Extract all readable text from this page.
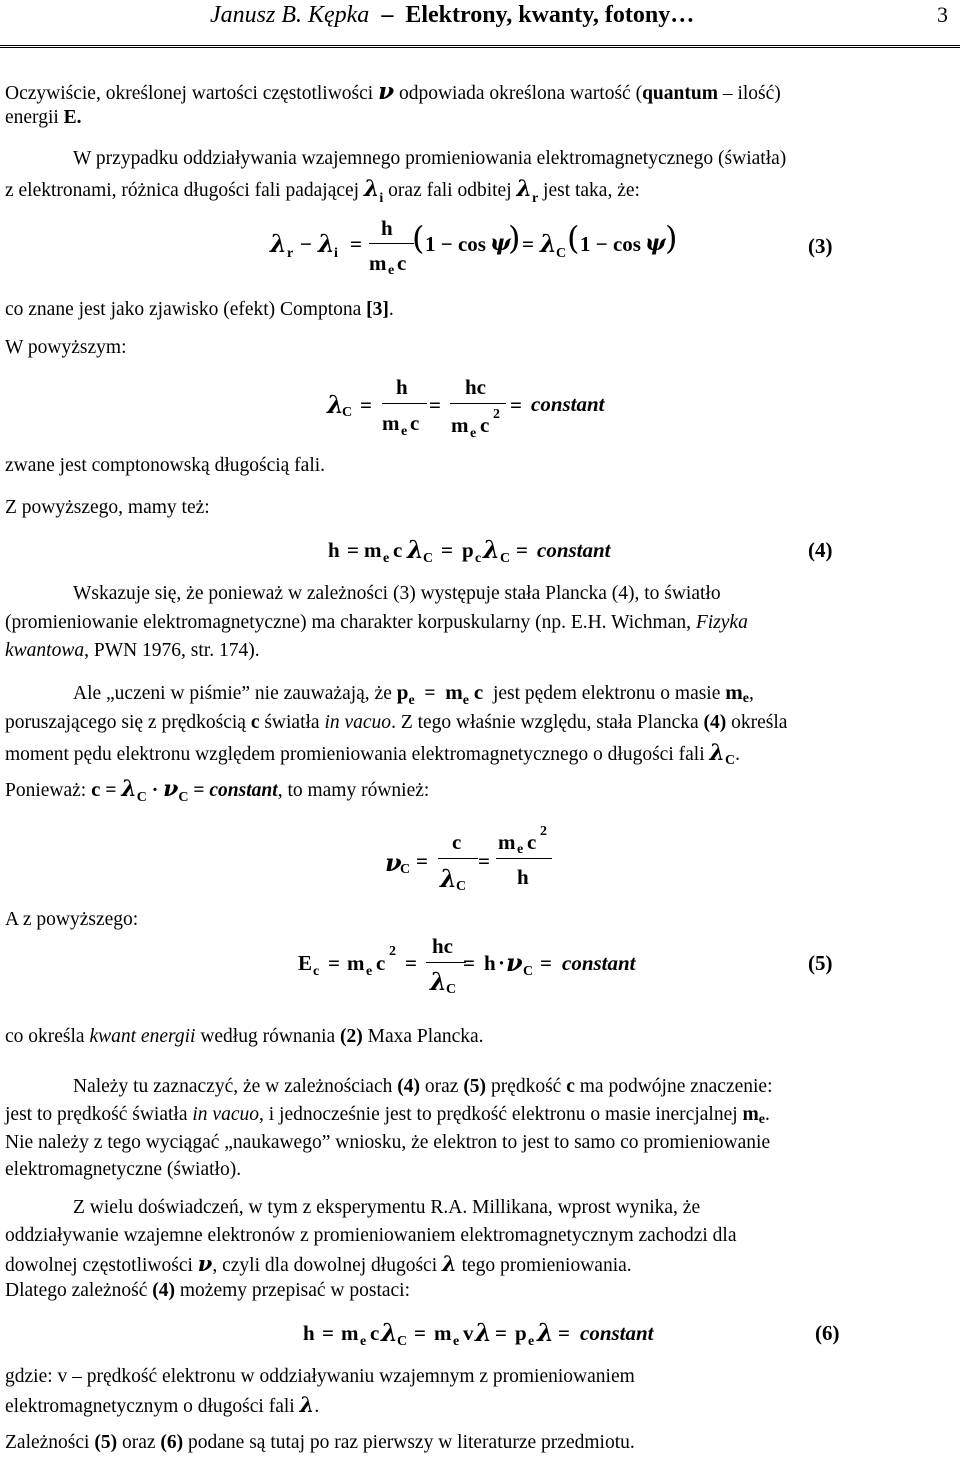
Janusz B. Kępka – Elektrony, kwanty, fotony…	3
Oczywiście, określonej wartości częstotliwości ν odpowiada określona wartość (quantum – ilość)
energii E.
W przypadku oddziaływania wzajemnego promieniowania elektromagnetycznego (światła)
z elektronami, różnica długości fali padającej $\lambda_i$ oraz fali odbitej $\lambda_r$ jest taka, że:
λ r − λ i =
h
m e c
( 1 − cos ψ
) = λ C ( 1 − cos ψ )	(3)
co znane jest jako zjawisko (efekt) Comptona [3].
W powyższym:
λ
C =
h
m e c
=
hc
m e c 2 = constant
zwane jest comptonowską długością fali.
Z powyższego, mamy też:
h = m e c λ C = p c λ C = constant	(4)
Wskazuje się, że ponieważ w zależności (3) występuje stała Plancka (4), to światło
(promieniowanie elektromagnetyczne) ma charakter korpuskularny (np. E.H. Wichman, Fizyka
kwantowa, PWN 1976, str. 174).
Ale „uczeni w piśmie” nie zauważają, że $p_e = m_e$ c jest pędem elektronu o masie me,
poruszającego się z prędkością c światła in vacuo. Z tego właśnie względu, stała Plancka (4) określa
moment pędu elektronu względem promieniowania elektromagnetycznego o długości fali $\lambda_C$.
Ponieważ: $c = \lambda_C \cdot \nu_C$ = constant, to mamy również:
ν
C =
c
λ C
=
m e c 2
h
A z powyższego:
E c = m e c 2 =
hc
λ C
= h · ν C = constant	(5)
co określa kwant energii według równania (2) Maxa Plancka.
Należy tu zaznaczyć, że w zależnościach (4) oraz (5) prędkość c ma podwójne znaczenie:
jest to prędkość światła in vacuo, i jednocześnie jest to prędkość elektronu o masie inercjalnej me.
Nie należy z tego wyciągać „naukawego” wniosku, że elektron to jest to samo co promieniowanie
elektromagnetyczne (światło).
Z wielu doświadczeń, w tym z eksperymentu R.A. Millikana, wprost wynika, że
oddziaływanie wzajemne elektronów z promieniowaniem elektromagnetycznym zachodzi dla
dowolnej częstotliwości ν, czyli dla dowolnej długości λ tego promieniowania.
Dlatego zależność (4) możemy przepisać w postaci:
h = m e c λ C = m e v λ = p e λ = constant	(6)
gdzie: v – prędkość elektronu w oddziaływaniu wzajemnym z promieniowaniem
elektromagnetycznym o długości fali λ.
Zależności (5) oraz (6) podane są tutaj po raz pierwszy w literaturze przedmiotu.
